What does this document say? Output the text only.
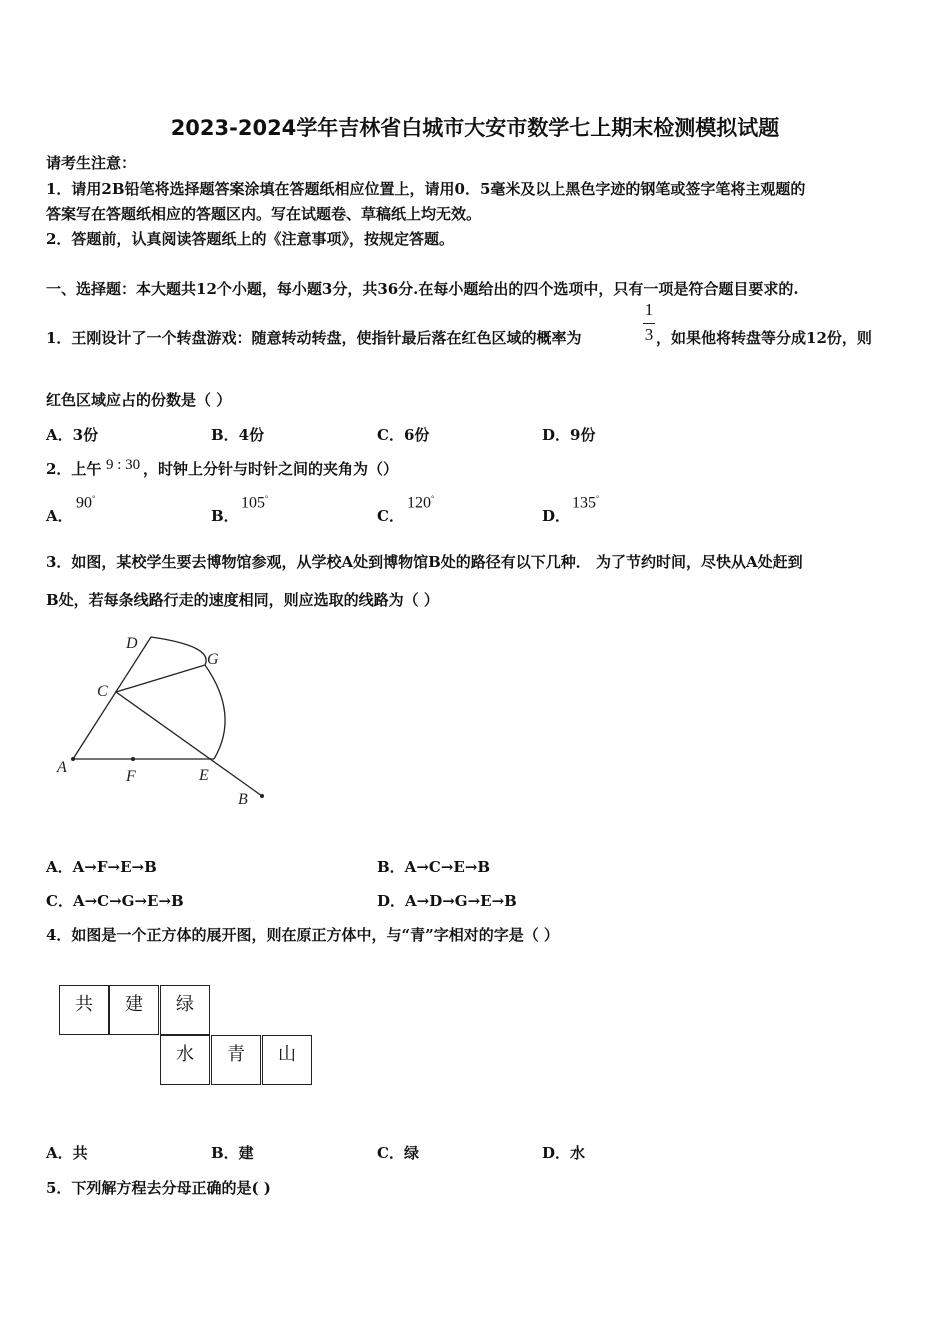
2023-2024学年吉林省白城市大安市数学七上期末检测模拟试题
请考生注意：
1．请用2B铅笔将选择题答案涂填在答题纸相应位置上，请用0．5毫米及以上黑色字迹的钢笔或签字笔将主观题的
答案写在答题纸相应的答题区内。写在试题卷、草稿纸上均无效。
2．答题前，认真阅读答题纸上的《注意事项》，按规定答题。
一、选择题：本大题共12个小题，每小题3分，共36分.在每小题给出的四个选项中，只有一项是符合题目要求的.
1．王刚设计了一个转盘游戏：随意转动转盘，使指针最后落在红色区域的概率为
1
3 ，如果他将转盘等分成12份，则
红色区域应占的份数是（ ）
A．3份	B．4份	C．6份	D．9份
2．上午 9 : 30 ，时钟上分针与时针之间的夹角为（）
A．
90°
B．
105°
C．
120°
D．
135°
3．如图，某校学生要去博物馆参观，从学校A处到博物馆B处的路径有以下几种． 为了节约时间，尽快从A处赶到
B处，若每条线路行走的速度相同，则应选取的线路为（ ）
D
G
C
A
F	E
B
A．A→F→E→B	B．A→C→E→B
C．A→C→G→E→B	D．A→D→G→E→B
4．如图是一个正方体的展开图，则在原正方体中，与“青”字相对的字是（ ）
共	建	绿
水	青	山
A．共	B．建	C．绿	D．水
5．下列解方程去分母正确的是( )
